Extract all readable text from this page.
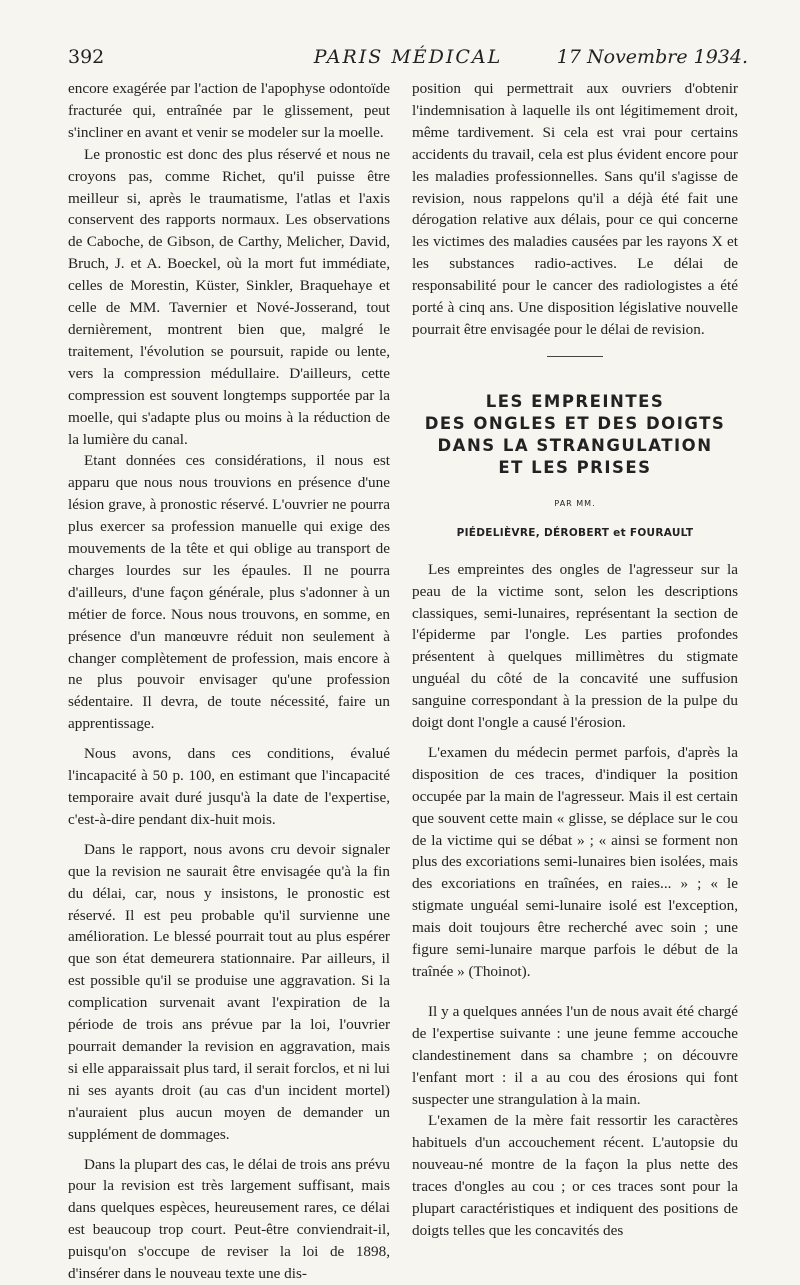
392	PARIS MÉDICAL	17 Novembre 1934.

encore exagérée par l'action de l'apophyse odontoïde fracturée qui, entraînée par le glissement, peut s'incliner en avant et venir se modeler sur la moelle.

Le pronostic est donc des plus réservé et nous ne croyons pas, comme Richet, qu'il puisse être meilleur si, après le traumatisme, l'atlas et l'axis conservent des rapports normaux. Les observations de Caboche, de Gibson, de Carthy, Melicher, David, Bruch, J. et A. Boeckel, où la mort fut immédiate, celles de Morestin, Küster, Sinkler, Braquehaye et celle de MM. Tavernier et Nové-Josserand, tout dernièrement, montrent bien que, malgré le traitement, l'évolution se poursuit, rapide ou lente, vers la compression médullaire. D'ailleurs, cette compression est souvent longtemps supportée par la moelle, qui s'adapte plus ou moins à la réduction de la lumière du canal.

Etant données ces considérations, il nous est apparu que nous nous trouvions en présence d'une lésion grave, à pronostic réservé. L'ouvrier ne pourra plus exercer sa profession manuelle qui exige des mouvements de la tête et qui oblige au transport de charges lourdes sur les épaules. Il ne pourra d'ailleurs, d'une façon générale, plus s'adonner à un métier de force. Nous nous trouvons, en somme, en présence d'un manœuvre réduit non seulement à changer complètement de profession, mais encore à ne plus pouvoir envisager qu'une profession sédentaire. Il devra, de toute nécessité, faire un apprentissage.

Nous avons, dans ces conditions, évalué l'incapacité à 50 p. 100, en estimant que l'incapacité temporaire avait duré jusqu'à la date de l'expertise, c'est-à-dire pendant dix-huit mois.

Dans le rapport, nous avons cru devoir signaler que la revision ne saurait être envisagée qu'à la fin du délai, car, nous y insistons, le pronostic est réservé. Il est peu probable qu'il survienne une amélioration. Le blessé pourrait tout au plus espérer que son état demeurera stationnaire. Par ailleurs, il est possible qu'il se produise une aggravation. Si la complication survenait avant l'expiration de la période de trois ans prévue par la loi, l'ouvrier pourrait demander la revision en aggravation, mais si elle apparaissait plus tard, il serait forclos, et ni lui ni ses ayants droit (au cas d'un incident mortel) n'auraient plus aucun moyen de demander un supplément de dommages.

Dans la plupart des cas, le délai de trois ans prévu pour la revision est très largement suffisant, mais dans quelques espèces, heureusement rares, ce délai est beaucoup trop court. Peut-être conviendrait-il, puisqu'on s'occupe de reviser la loi de 1898, d'insérer dans le nouveau texte une dis-

position qui permettrait aux ouvriers d'obtenir l'indemnisation à laquelle ils ont légitimement droit, même tardivement. Si cela est vrai pour certains accidents du travail, cela est plus évident encore pour les maladies professionnelles. Sans qu'il s'agisse de revision, nous rappelons qu'il a déjà été fait une dérogation relative aux délais, pour ce qui concerne les victimes des maladies causées par les rayons X et les substances radio-actives. Le délai de responsabilité pour le cancer des radiologistes a été porté à cinq ans. Une disposition législative nouvelle pourrait être envisagée pour le délai de revision.

LES EMPREINTES
DES ONGLES ET DES DOIGTS
DANS LA STRANGULATION
ET LES PRISES
PAR MM.
PIÉDELIÈVRE, DÉROBERT et FOURAULT

Les empreintes des ongles de l'agresseur sur la peau de la victime sont, selon les descriptions classiques, semi-lunaires, représentant la section de l'épiderme par l'ongle. Les parties profondes présentent à quelques millimètres du stigmate unguéal du côté de la concavité une suffusion sanguine correspondant à la pression de la pulpe du doigt dont l'ongle a causé l'érosion.

L'examen du médecin permet parfois, d'après la disposition de ces traces, d'indiquer la position occupée par la main de l'agresseur. Mais il est certain que souvent cette main « glisse, se déplace sur le cou de la victime qui se débat » ; « ainsi se forment non plus des excoriations semi-lunaires bien isolées, mais des excoriations en traînées, en raies... » ; « le stigmate unguéal semi-lunaire isolé est l'exception, mais doit toujours être recherché avec soin ; une figure semi-lunaire marque parfois le début de la traînée » (Thoinot).

Il y a quelques années l'un de nous avait été chargé de l'expertise suivante : une jeune femme accouche clandestinement dans sa chambre ; on découvre l'enfant mort : il a au cou des érosions qui font suspecter une strangulation à la main.

L'examen de la mère fait ressortir les caractères habituels d'un accouchement récent. L'autopsie du nouveau-né montre de la façon la plus nette des traces d'ongles au cou ; or ces traces sont pour la plupart caractéristiques et indiquent des positions de doigts telles que les concavités des
